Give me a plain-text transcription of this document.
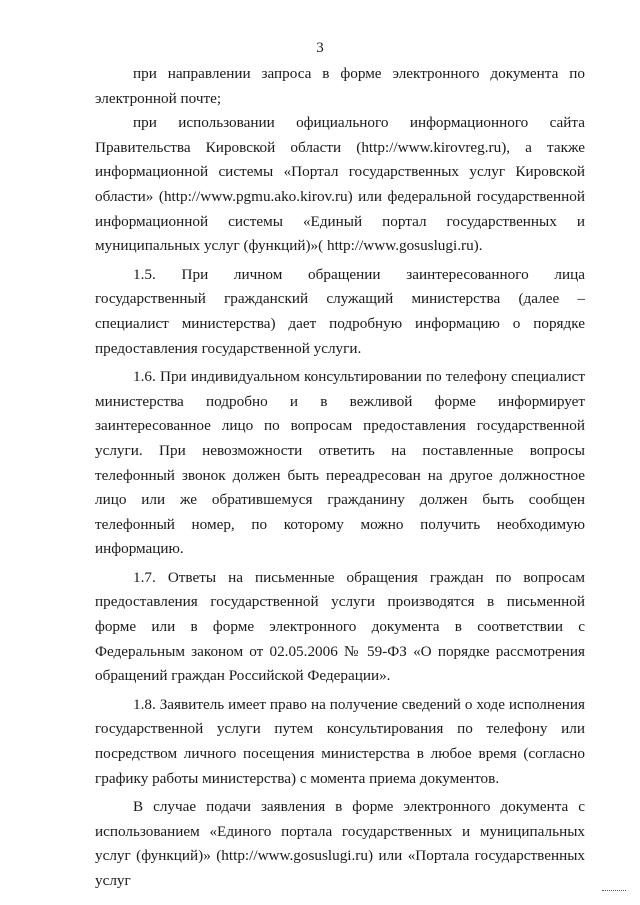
3

при направлении запроса в форме электронного документа по электронной почте;

при использовании официального информационного сайта Правительства Кировской области (http://www.kirovreg.ru), а также информационной системы «Портал государственных услуг Кировской области» (http://www.pgmu.ako.kirov.ru) или федеральной государственной информационной системы «Единый портал государственных и муниципальных услуг (функций)»( http://www.gosuslugi.ru).

1.5. При личном обращении заинтересованного лица государственный гражданский служащий министерства (далее – специалист министерства) дает подробную информацию о порядке предоставления государственной услуги.

1.6. При индивидуальном консультировании по телефону специалист министерства подробно и в вежливой форме информирует заинтересованное лицо по вопросам предоставления государственной услуги. При невозможности ответить на поставленные вопросы телефонный звонок должен быть переадресован на другое должностное лицо или же обратившемуся гражданину должен быть сообщен телефонный номер, по которому можно получить необходимую информацию.

1.7. Ответы на письменные обращения граждан по вопросам предоставления государственной услуги производятся в письменной форме или в форме электронного документа в соответствии с Федеральным законом от 02.05.2006 № 59-ФЗ «О порядке рассмотрения обращений граждан Российской Федерации».

1.8. Заявитель имеет право на получение сведений о ходе исполнения государственной услуги путем консультирования по телефону или посредством личного посещения министерства в любое время (согласно графику работы министерства) с момента приема документов.

В случае подачи заявления в форме электронного документа с использованием «Единого портала государственных и муниципальных услуг (функций)» (http://www.gosuslugi.ru) или «Портала государственных услуг
